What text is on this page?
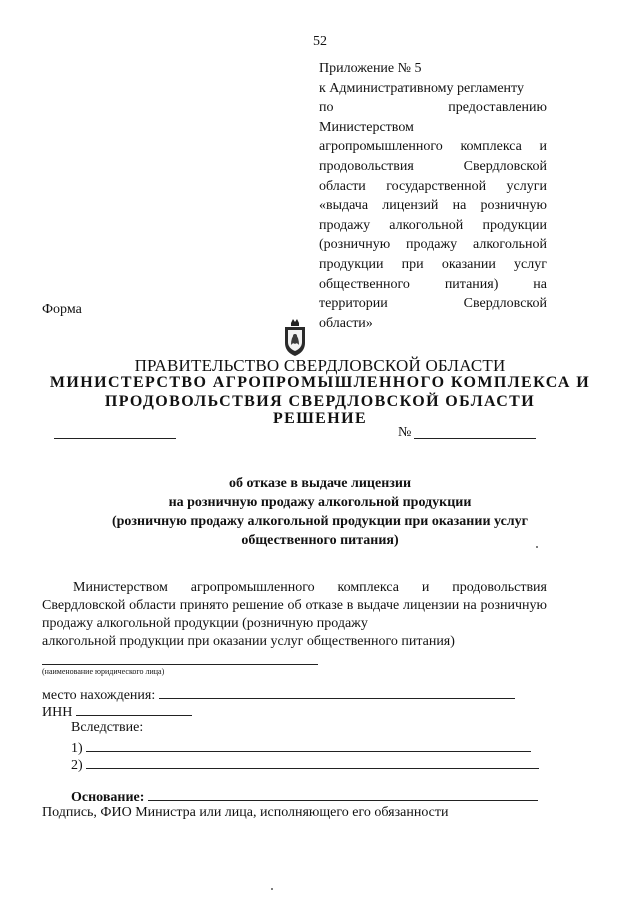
52
Приложение № 5
к Административному регламенту
по предоставлению
Министерством
агропромышленного комплекса и
продовольствия Свердловской
области государственной услуги
«выдача лицензий на розничную
продажу алкогольной продукции
(розничную продажу алкогольной
продукции при оказании услуг
общественного питания) на
территории Свердловской
области»
Форма
ПРАВИТЕЛЬСТВО СВЕРДЛОВСКОЙ ОБЛАСТИ
МИНИСТЕРСТВО АГРОПРОМЫШЛЕННОГО КОМПЛЕКСА И
ПРОДОВОЛЬСТВИЯ СВЕРДЛОВСКОЙ ОБЛАСТИ
РЕШЕНИЕ
№
об отказе в выдаче лицензии
на розничную продажу алкогольной продукции
(розничную продажу алкогольной продукции при оказании услуг
общественного питания)
Министерством агропромышленного комплекса и продовольствия Свердловской области принято решение об отказе в выдаче лицензии на розничную продажу алкогольной продукции (розничную продажу
алкогольной продукции при оказании услуг общественного питания)
(наименование юридического лица)
место нахождения:
ИНН
Вследствие:
1)
2)
Основание:
Подпись, ФИО Министра или лица, исполняющего его обязанности
